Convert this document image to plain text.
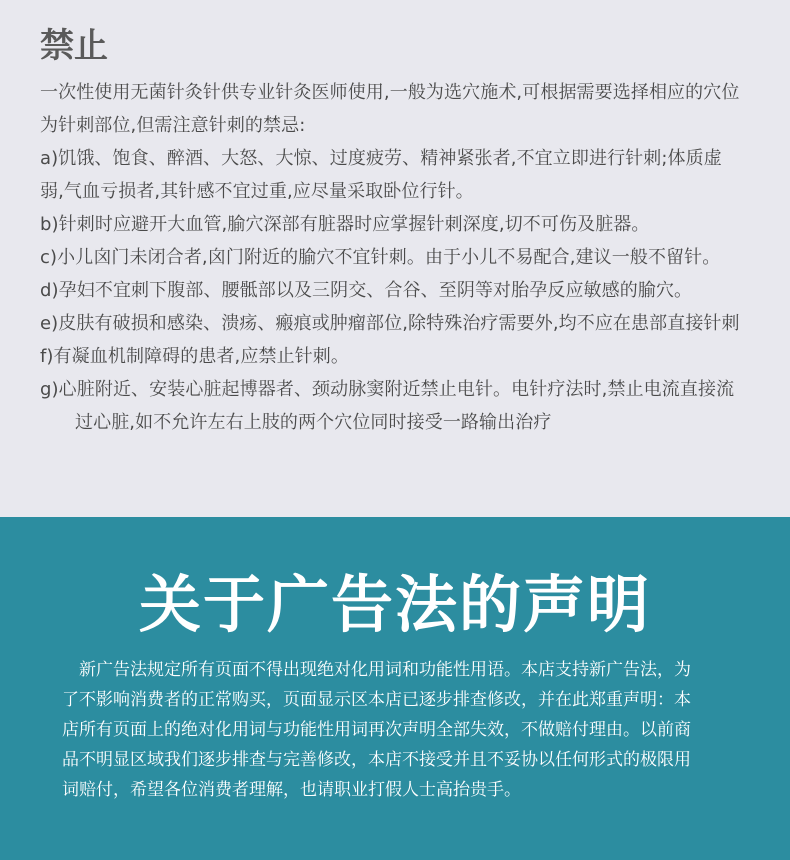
禁止

一次性使用无菌针灸针供专业针灸医师使用,一般为选穴施术,可根据需要选择相应的穴位

为针刺部位,但需注意针刺的禁忌:

a)饥饿、饱食、醉酒、大怒、大惊、过度疲劳、精神紧张者,不宜立即进行针刺;体质虚

弱,气血亏损者,其针感不宜过重,应尽量采取卧位行针。

b)针刺时应避开大血管,腧穴深部有脏器时应掌握针刺深度,切不可伤及脏器。

c)小儿囟门未闭合者,囟门附近的腧穴不宜针刺。由于小儿不易配合,建议一般不留针。

d)孕妇不宜刺下腹部、腰骶部以及三阴交、合谷、至阴等对胎孕反应敏感的腧穴。

e)皮肤有破损和感染、溃疡、瘢痕或肿瘤部位,除特殊治疗需要外,均不应在患部直接针刺

f)有凝血机制障碍的患者,应禁止针刺。

g)心脏附近、安装心脏起博器者、颈动脉窦附近禁止电针。电针疗法时,禁止电流直接流

过心脏,如不允许左右上肢的两个穴位同时接受一路输出治疗

关于广告法的声明

　新广告法规定所有页面不得出现绝对化用词和功能性用语。本店支持新广告法，为

了不影响消费者的正常购买，页面显示区本店已逐步排查修改，并在此郑重声明：本

店所有页面上的绝对化用词与功能性用词再次声明全部失效，不做赔付理由。以前商

品不明显区域我们逐步排查与完善修改，本店不接受并且不妥协以任何形式的极限用

词赔付，希望各位消费者理解，也请职业打假人士高抬贵手。
